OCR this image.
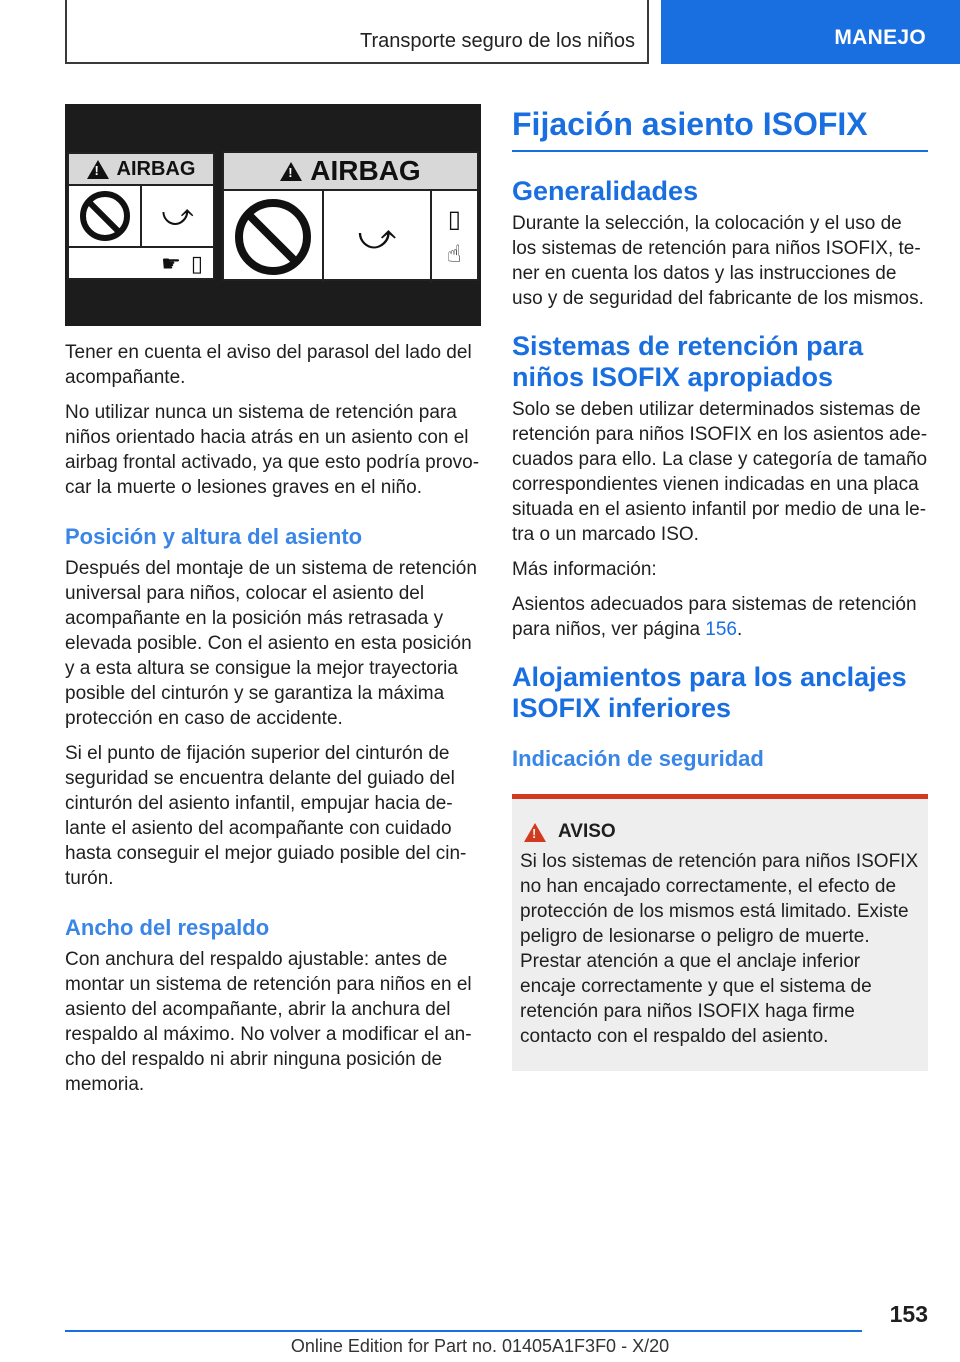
Transporte seguro de los niños	MANEJO
!
AIRBAG
⤻
☛ ▯
!
AIRBAG
⤻ ▯
☝

Tener en cuenta el aviso del parasol del lado del acompañante.

No utilizar nunca un sistema de retención para niños orientado hacia atrás en un asiento con el airbag frontal activado, ya que esto podría provocar la muerte o lesiones graves en el niño.

Posición y altura del asiento

Después del montaje de un sistema de retención universal para niños, colocar el asiento del acompañante en la posición más retrasada y elevada posible. Con el asiento en esta posición y a esta altura se consigue la mejor trayectoria posible del cinturón y se garantiza la máxima protección en caso de accidente.

Si el punto de fijación superior del cinturón de seguridad se encuentra delante del guiado del cinturón del asiento infantil, empujar hacia delante el asiento del acompañante con cuidado hasta conseguir el mejor guiado posible del cinturón.

Ancho del respaldo

Con anchura del respaldo ajustable: antes de montar un sistema de retención para niños en el asiento del acompañante, abrir la anchura del respaldo al máximo. No volver a modificar el ancho del respaldo ni abrir ninguna posición de memoria.

Fijación asiento ISOFIX
Generalidades

Durante la selección, la colocación y el uso de los sistemas de retención para niños ISOFIX, tener en cuenta los datos y las instrucciones de uso y de seguridad del fabricante de los mismos.

Sistemas de retención para niños ISOFIX apropiados

Solo se deben utilizar determinados sistemas de retención para niños ISOFIX en los asientos adecuados para ello. La clase y categoría de tamaño correspondientes vienen indicadas en una placa situada en el asiento infantil por medio de una letra o un marcado ISO.

Más información:

Asientos adecuados para sistemas de retención para niños, ver página 156.

Alojamientos para los anclajes ISOFIX inferiores
Indicación de seguridad
!
AVISO

Si los sistemas de retención para niños ISOFIX no han encajado correctamente, el efecto de protección de los mismos está limitado. Existe peligro de lesionarse o peligro de muerte. Prestar atención a que el anclaje inferior encaje correctamente y que el sistema de retención para niños ISOFIX haga firme contacto con el respaldo del asiento.

153
Online Edition for Part no. 01405A1F3F0 - X/20
